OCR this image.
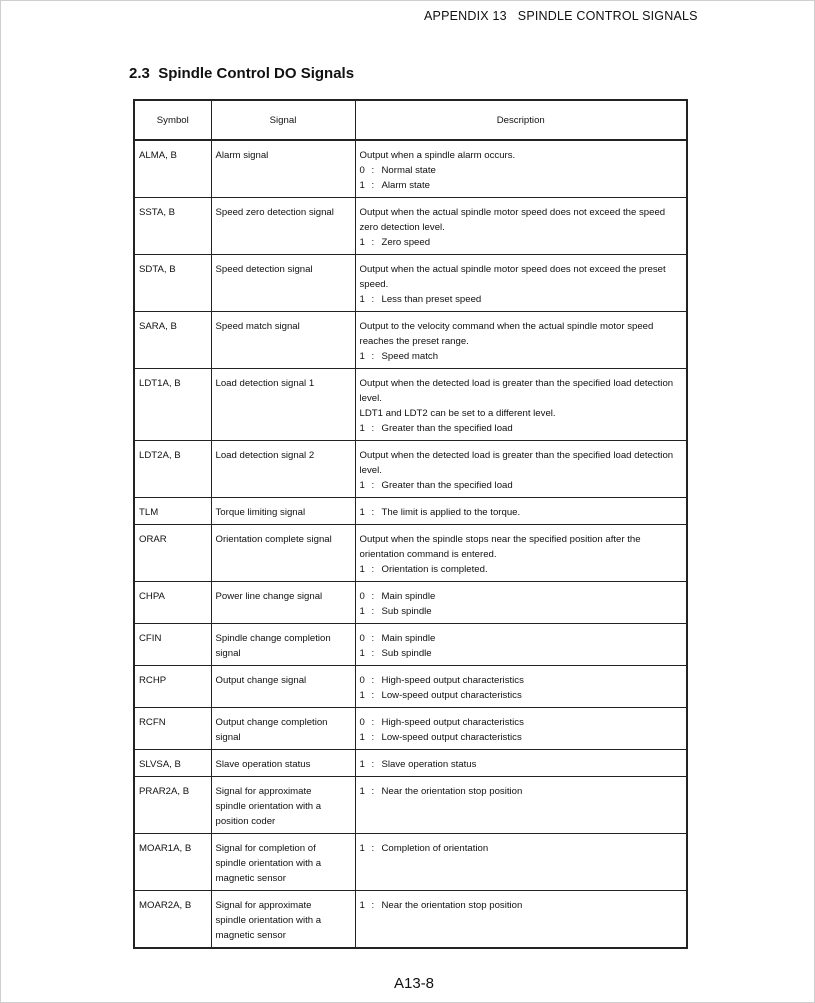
APPENDIX 13   SPINDLE CONTROL SIGNALS
2.3 Spindle Control DO Signals
Symbol	Signal	Description
ALMA, B	Alarm signal	Output when a spindle alarm occurs.
0 : Normal state
1 : Alarm state

SSTA, B	Speed zero detection signal	Output when the actual spindle motor speed does not exceed the speed
zero detection level.
1 : Zero speed

SDTA, B	Speed detection signal	Output when the actual spindle motor speed does not exceed the preset
speed.
1 : Less than preset speed

SARA, B	Speed match signal	Output to the velocity command when the actual spindle motor speed
reaches the preset range.
1 : Speed match

LDT1A, B	Load detection signal 1	Output when the detected load is greater than the specified load detection
level.
LDT1 and LDT2 can be set to a different level.
1 : Greater than the specified load

LDT2A, B	Load detection signal 2	Output when the detected load is greater than the specified load detection
level.
1 : Greater than the specified load

TLM	Torque limiting signal	1 : The limit is applied to the torque.

ORAR	Orientation complete signal	Output when the spindle stops near the specified position after the
orientation command is entered.
1 : Orientation is completed.

CHPA	Power line change signal	0 : Main spindle
1 : Sub spindle

CFIN	Spindle change completion
signal	0 : Main spindle
1 : Sub spindle

RCHP	Output change signal	0 : High-speed output characteristics
1 : Low-speed output characteristics

RCFN	Output change completion
signal	0 : High-speed output characteristics
1 : Low-speed output characteristics

SLVSA, B	Slave operation status	1 : Slave operation status

PRAR2A, B	Signal for approximate
spindle orientation with a
position coder	1 : Near the orientation stop position

MOAR1A, B	Signal for completion of
spindle orientation with a
magnetic sensor	1 : Completion of orientation

MOAR2A, B	Signal for approximate
spindle orientation with a
magnetic sensor	1 : Near the orientation stop position
A13-8
